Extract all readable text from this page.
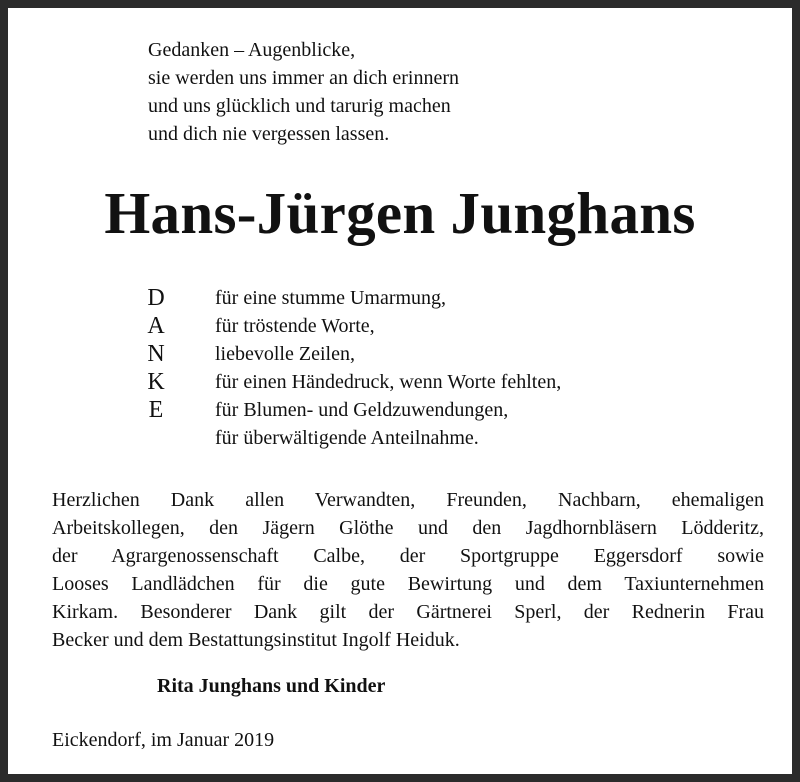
Gedanken – Augenblicke,
sie werden uns immer an dich erinnern
und uns glücklich und tarurig machen
und dich nie vergessen lassen.
Hans-Jürgen Junghans
D
A
N
K
E
für eine stumme Umarmung,
für tröstende Worte,
liebevolle Zeilen,
für einen Händedruck, wenn Worte fehlten,
für Blumen- und Geldzuwendungen,
für überwältigende Anteilnahme.
Herzlichen Dank allen Verwandten, Freunden, Nachbarn, ehemaligen
Arbeitskollegen, den Jägern Glöthe und den Jagdhornbläsern Lödderitz,
der Agrargenossenschaft Calbe, der Sportgruppe Eggersdorf sowie
Looses Landlädchen für die gute Bewirtung und dem Taxiunternehmen
Kirkam. Besonderer Dank gilt der Gärtnerei Sperl, der Rednerin Frau
Becker und dem Bestattungsinstitut Ingolf Heiduk.
Rita Junghans und Kinder
Eickendorf, im Januar 2019
